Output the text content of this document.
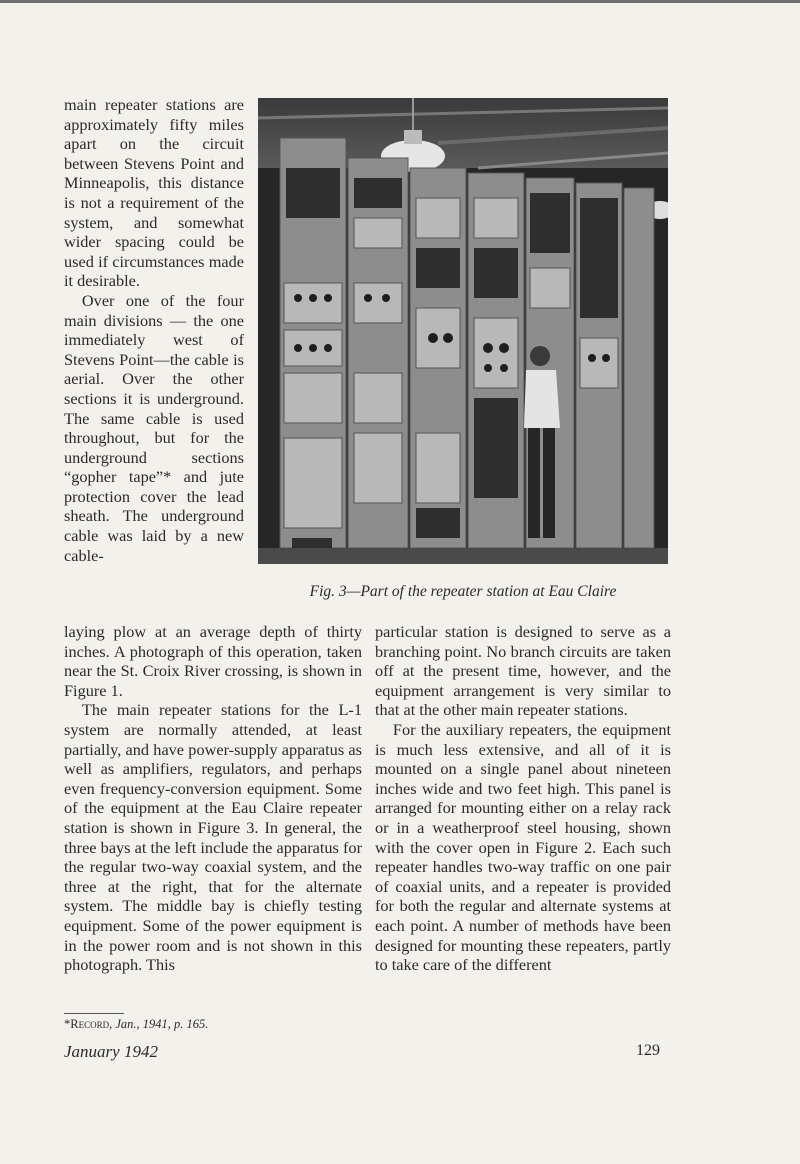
main repeater stations are approximately fifty miles apart on the circuit between Stevens Point and Minneapolis, this distance is not a requirement of the system, and somewhat wider spacing could be used if circumstances made it desirable.

Over one of the four main divisions — the one immediately west of Stevens Point—the cable is aerial. Over the other sections it is underground. The same cable is used throughout, but for the underground sections “gopher tape”* and jute protection cover the lead sheath. The underground cable was laid by a new cable-

Fig. 3—Part of the repeater station at Eau Claire

laying plow at an average depth of thirty inches. A photograph of this operation, taken near the St. Croix River crossing, is shown in Figure 1.

The main repeater stations for the L-1 system are normally attended, at least partially, and have power-supply apparatus as well as amplifiers, regulators, and perhaps even frequency-conversion equipment. Some of the equipment at the Eau Claire repeater station is shown in Figure 3. In general, the three bays at the left include the apparatus for the regular two-way coaxial system, and the three at the right, that for the alternate system. The middle bay is chiefly testing equipment. Some of the power equipment is in the power room and is not shown in this photograph. This

particular station is designed to serve as a branching point. No branch circuits are taken off at the present time, however, and the equipment arrangement is very similar to that at the other main repeater stations.

For the auxiliary repeaters, the equipment is much less extensive, and all of it is mounted on a single panel about nineteen inches wide and two feet high. This panel is arranged for mounting either on a relay rack or in a weatherproof steel housing, shown with the cover open in Figure 2. Each such repeater handles two-way traffic on one pair of coaxial units, and a repeater is provided for both the regular and alternate systems at each point. A number of methods have been designed for mounting these repeaters, partly to take care of the different

*Record, Jan., 1941, p. 165.
January 1942	129
